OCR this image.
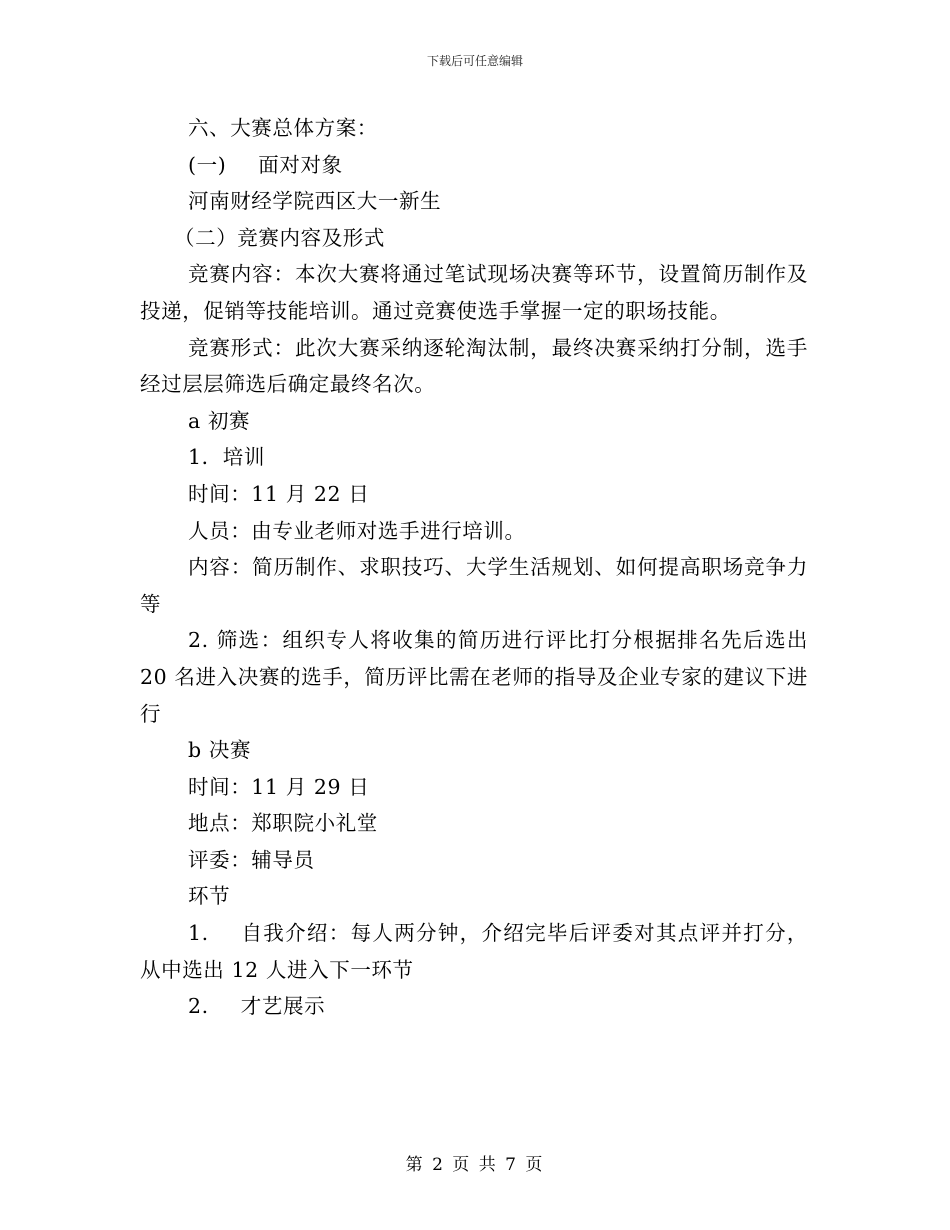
下载后可任意编辑
六、大赛总体方案：
(一) 面对对象
河南财经学院西区大一新生
（二）竞赛内容及形式
竞赛内容：本次大赛将通过笔试现场决赛等环节，设置简历制作及投递，促销等技能培训。通过竞赛使选手掌握一定的职场技能。
竞赛形式：此次大赛采纳逐轮淘汰制，最终决赛采纳打分制，选手经过层层筛选后确定最终名次。
a 初赛
1．培训
时间：11 月 22 日
人员：由专业老师对选手进行培训。
内容：简历制作、求职技巧、大学生活规划、如何提高职场竞争力等
2. 筛选：组织专人将收集的简历进行评比打分根据排名先后选出 20 名进入决赛的选手，简历评比需在老师的指导及企业专家的建议下进行
b 决赛
时间：11 月 29 日
地点：郑职院小礼堂
评委：辅导员
环节
1. 自我介绍：每人两分钟，介绍完毕后评委对其点评并打分，从中选出 12 人进入下一环节
2. 才艺展示
第 2 页 共 7 页
